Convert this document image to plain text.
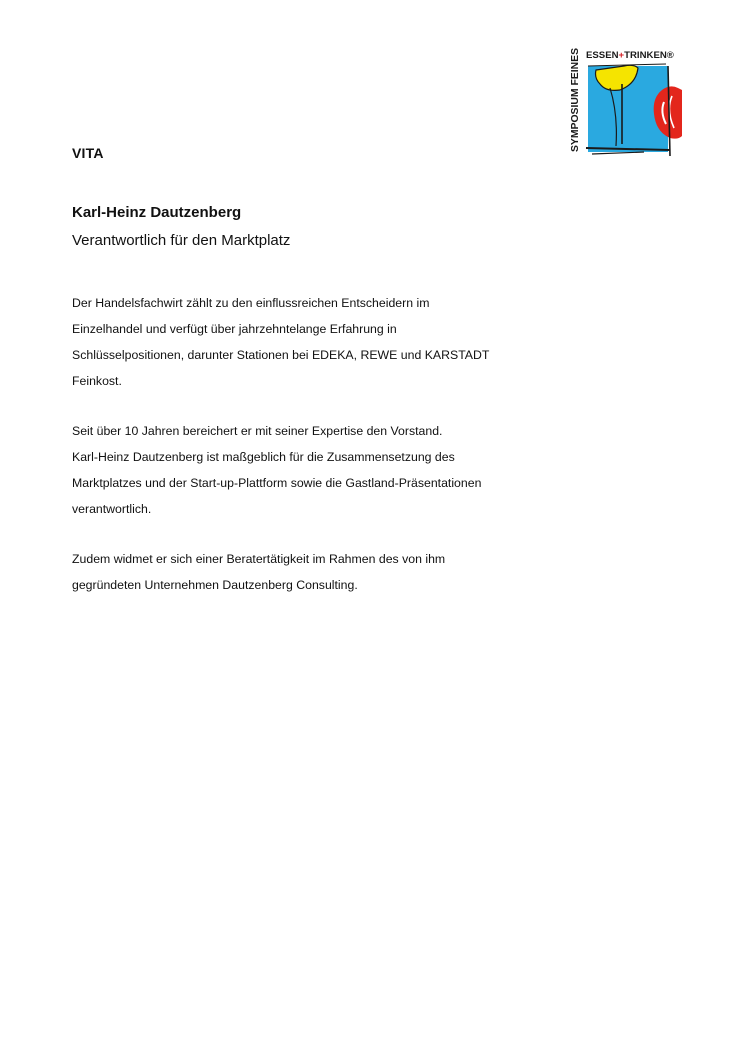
SYMPOSIUM FEINES ESSEN+TRINKEN®
VITA
Karl-Heinz Dautzenberg
Verantwortlich für den Marktplatz

Der Handelsfachwirt zählt zu den einflussreichen Entscheidern im
Einzelhandel und verfügt über jahrzehntelange Erfahrung in
Schlüsselpositionen, darunter Stationen bei EDEKA, REWE und KARSTADT
Feinkost.

Seit über 10 Jahren bereichert er mit seiner Expertise den Vorstand.
Karl-Heinz Dautzenberg ist maßgeblich für die Zusammensetzung des
Marktplatzes und der Start-up-Plattform sowie die Gastland-Präsentationen
verantwortlich.

Zudem widmet er sich einer Beratertätigkeit im Rahmen des von ihm
gegründeten Unternehmen Dautzenberg Consulting.
